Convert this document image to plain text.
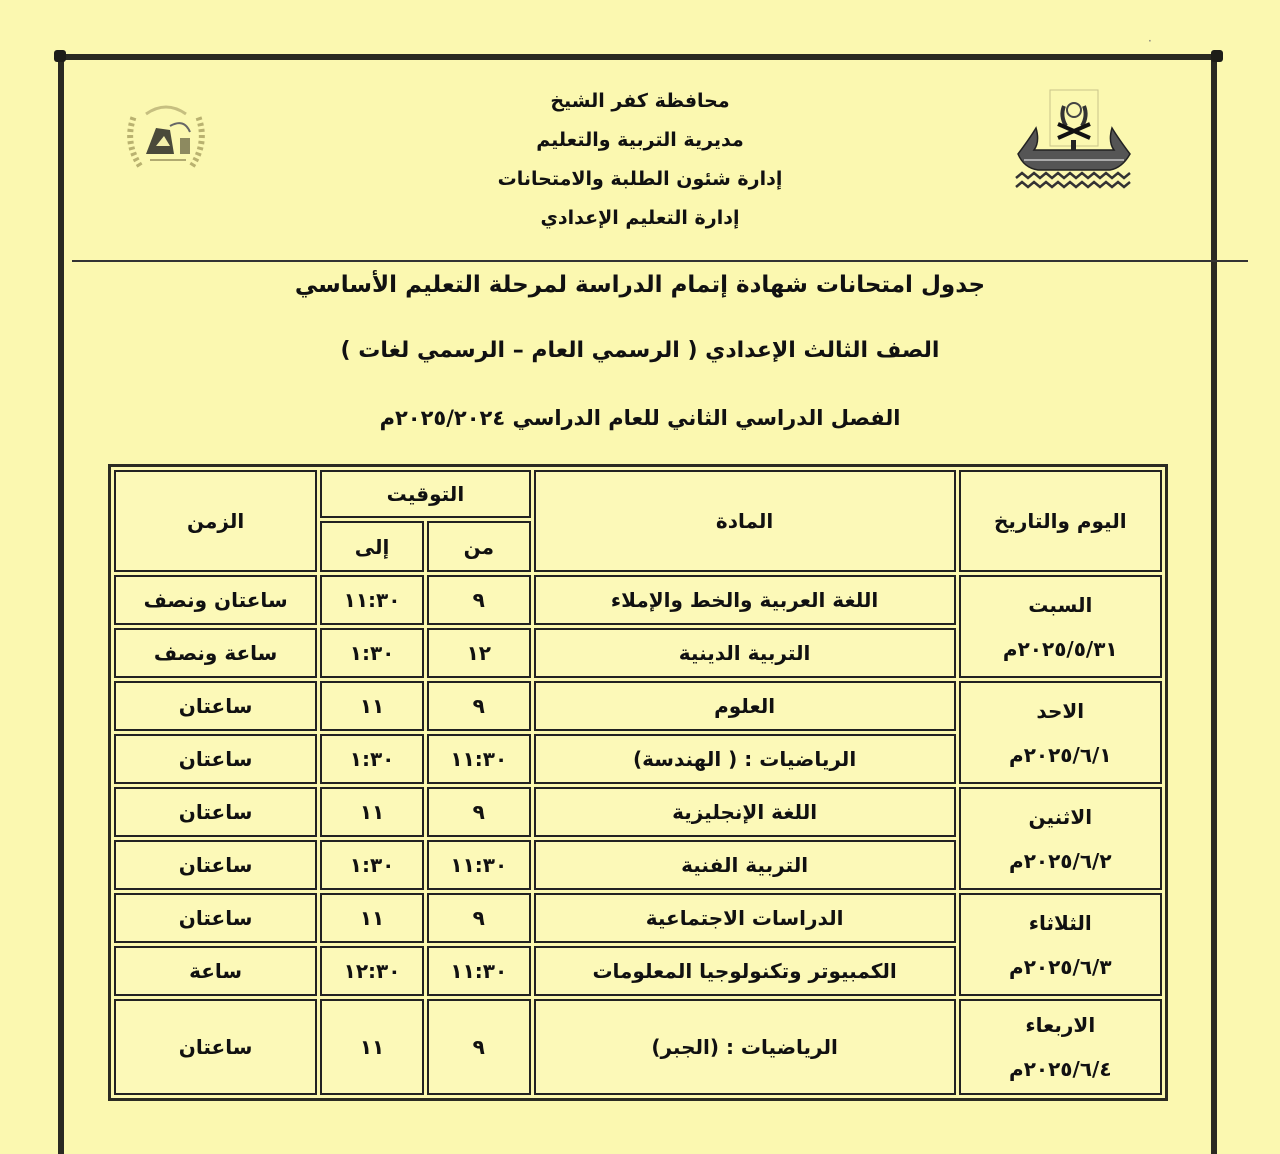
·
محافظة كفر الشيخ
مديرية التربية والتعليم
إدارة شئون الطلبة والامتحانات
إدارة التعليم الإعدادي
جدول امتحانات شهادة إتمام الدراسة لمرحلة التعليم الأساسي
الصف الثالث الإعدادي ( الرسمي العام – الرسمي لغات )
الفصل الدراسي الثاني للعام الدراسي ٢٠٢٥/٢٠٢٤م
اليوم والتاريخ	المادة	التوقيت		الزمن
		من	إلى	

السبت
٢٠٢٥/٥/٣١م	اللغة العربية والخط والإملاء	٩	١١:٣٠	ساعتان ونصف
	التربية الدينية	١٢	١:٣٠	ساعة ونصف

الاحد
٢٠٢٥/٦/١م	العلوم	٩	١١	ساعتان
	الرياضيات : ( الهندسة)	١١:٣٠	١:٣٠	ساعتان

الاثنين
٢٠٢٥/٦/٢م	اللغة الإنجليزية	٩	١١	ساعتان
	التربية الفنية	١١:٣٠	١:٣٠	ساعتان

الثلاثاء
٢٠٢٥/٦/٣م	الدراسات الاجتماعية	٩	١١	ساعتان
	الكمبيوتر وتكنولوجيا المعلومات	١١:٣٠	١٢:٣٠	ساعة

الاربعاء
٢٠٢٥/٦/٤م	الرياضيات : (الجبر)	٩	١١	ساعتان
